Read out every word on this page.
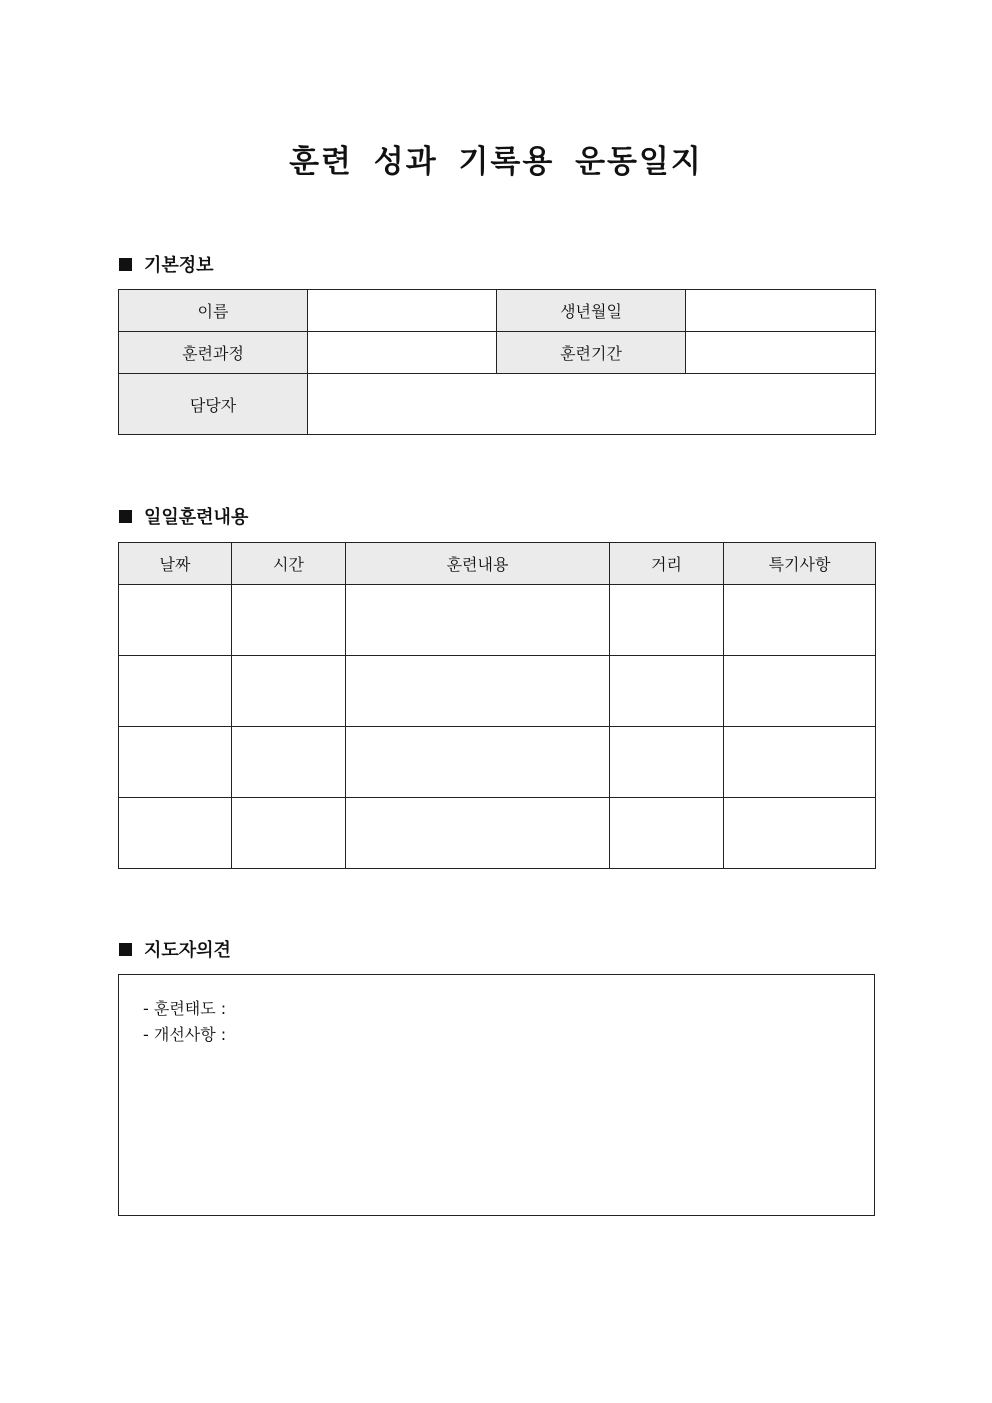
훈련 성과 기록용 운동일지
기본정보
이름		생년월일	
훈련과정		훈련기간	
담당자			
일일훈련내용
날짜	시간	훈련내용	거리	특기사항

지도자의견
- 훈련태도 :
- 개선사항 :
